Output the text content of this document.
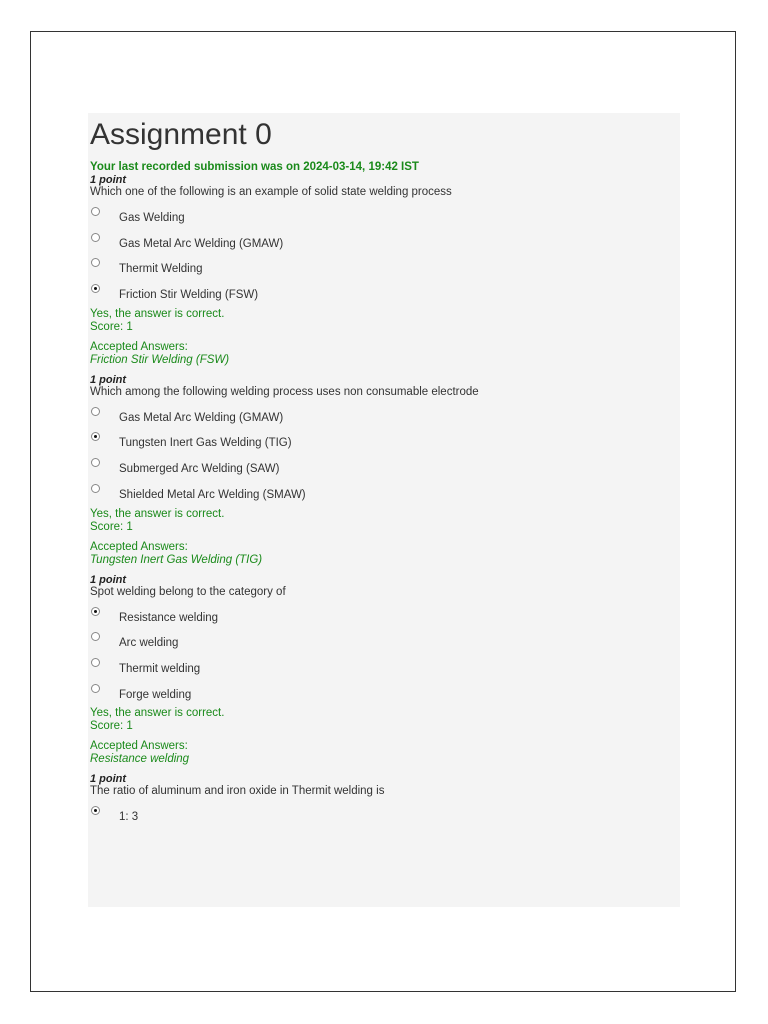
Assignment 0
Your last recorded submission was on 2024-03-14, 19:42 IST
1 point
Which one of the following is an example of solid state welding process
Gas Welding
Gas Metal Arc Welding (GMAW)
Thermit Welding
Friction Stir Welding (FSW)
Yes, the answer is correct.
Score: 1
Accepted Answers:
Friction Stir Welding (FSW)
1 point
Which among the following welding process uses non consumable electrode
Gas Metal Arc Welding (GMAW)
Tungsten Inert Gas Welding (TIG)
Submerged Arc Welding (SAW)
Shielded Metal Arc Welding (SMAW)
Yes, the answer is correct.
Score: 1
Accepted Answers:
Tungsten Inert Gas Welding (TIG)
1 point
Spot welding belong to the category of
Resistance welding
Arc welding
Thermit welding
Forge welding
Yes, the answer is correct.
Score: 1
Accepted Answers:
Resistance welding
1 point
The ratio of aluminum and iron oxide in Thermit welding is
1: 3
